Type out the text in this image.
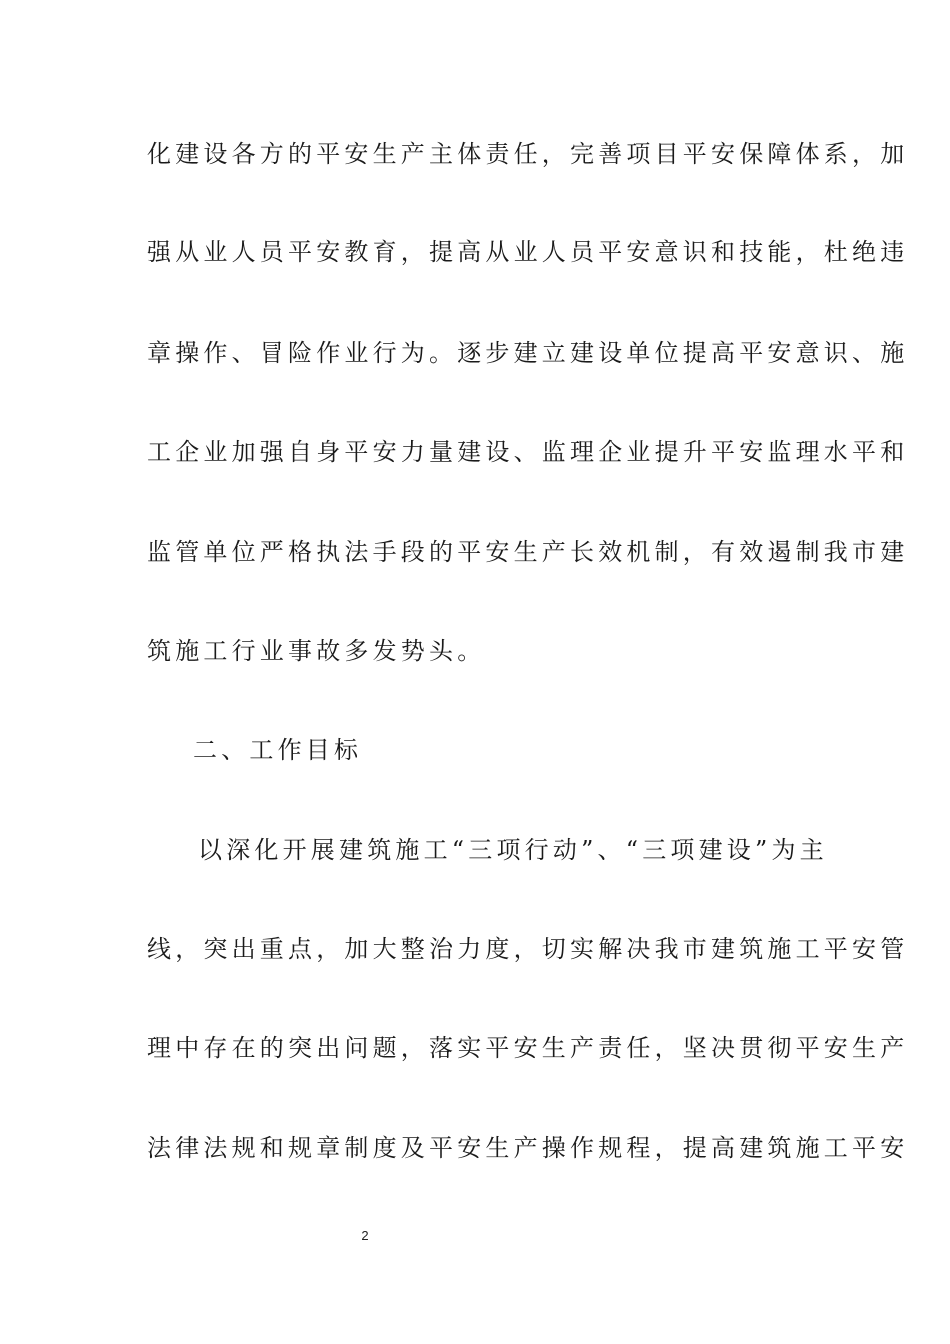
化建设各方的平安生产主体责任，完善项目平安保障体系，加
强从业人员平安教育，提高从业人员平安意识和技能，杜绝违
章操作、冒险作业行为。逐步建立建设单位提高平安意识、施
工企业加强自身平安力量建设、监理企业提升平安监理水平和
监管单位严格执法手段的平安生产长效机制，有效遏制我市建
筑施工行业事故多发势头。
二、工作目标
以深化开展建筑施工“三项行动”、“三项建设”为主
线，突出重点，加大整治力度，切实解决我市建筑施工平安管
理中存在的突出问题，落实平安生产责任，坚决贯彻平安生产
法律法规和规章制度及平安生产操作规程，提高建筑施工平安
2
